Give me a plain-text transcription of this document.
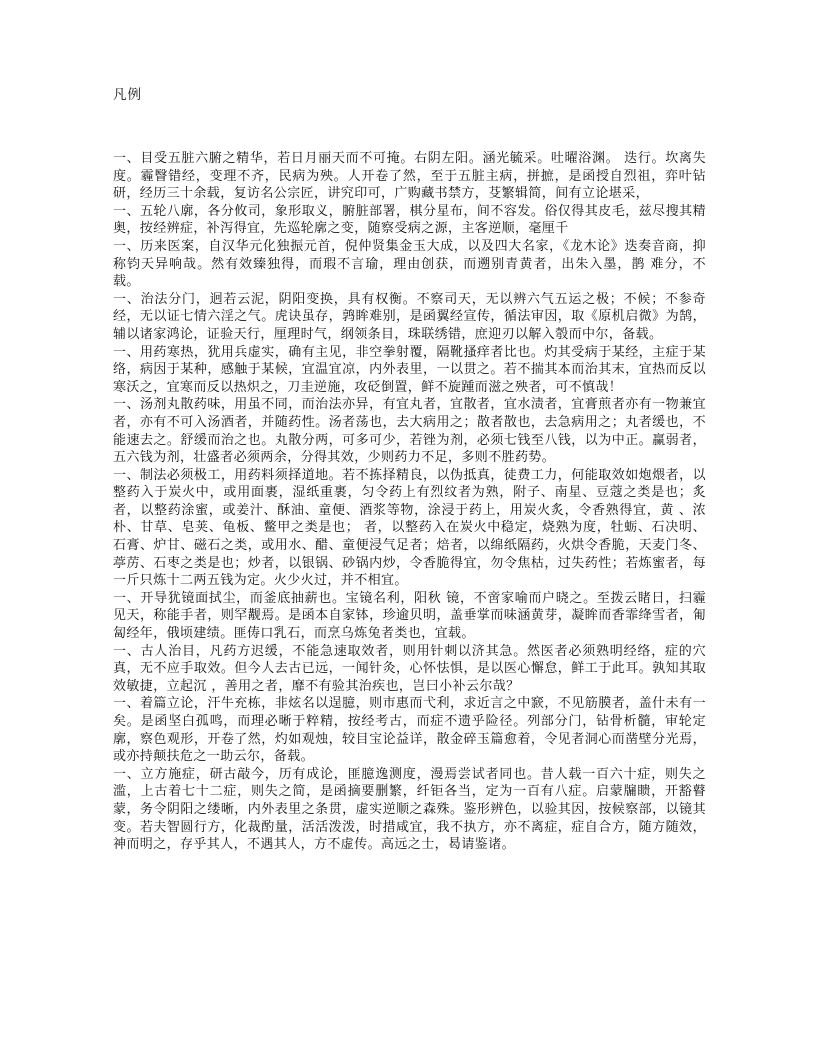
凡例

一、目受五脏六腑之精华，若日月丽天而不可掩。右阴左阳。涵光毓采。吐曜浴渊。 迭行。坎离失度。霾瞖错经，变理不齐，民病为殃。人开卷了然，至于五脏主病，拼摭，是函授自烈祖，弈叶钻研，经历三十余载，复访名公宗匠，讲究印可，广购藏书禁方，芟繁辑简，间有立论堪采，

一、五轮八廓，各分攸司，象形取义，腑脏部署，棋分星布，间不容发。俗仅得其皮毛，兹尽搜其精奥，按经辨症，补泻得宜，先巡轮廓之变，随察受病之源，主客逆顺，毫厘千

一、历来医案，自汉华元化独振元首，倪仲贤集金玉大成，以及四大名家，《龙木论》迭奏音商，抑称钧天异响哉。然有效臻独得，而瑕不言瑜，理由创获，而遡别青黄者，出朱入墨，鹊 难分，不载。

一、治法分门，迥若云泥，阴阳变换，具有权衡。不察司天，无以辨六气五运之极；不候；不参奇经，无以证七情六淫之气。虎诀虽存，鹑眸难别，是函翼经宣传，循法审因，取《原机启微》为鹄，辅以诸家鸿论，证验天行，厘理时气，纲领条目，珠联绣错，庶迎刃以解入彀而中尔，备载。

一、用药寒热，犹用兵虚实，确有主见，非空拳射覆，隔靴搔痒者比也。灼其受病于某经，主症于某络，病因于某种，感触于某候，宜温宜凉，内外表里，一以贯之。若不揣其本而治其末，宜热而反以寒沃之，宜寒而反以热炽之，刀圭逆施，攻砭倒置，鲜不旋踵而滋之殃者，可不慎哉！

一、汤剂丸散药味，用虽不同，而治法亦异，有宜丸者，宜散者，宜水渍者，宜膏煎者亦有一物兼宜者，亦有不可入汤酒者，并随药性。汤者荡也，去大病用之；散者散也，去急病用之；丸者缓也，不能速去之。舒缓而治之也。丸散分两，可多可少，若锉为剂，必须七钱至八钱，以为中正。赢弱者，五六钱为剂，壮盛者必须两余，分得其效，少则药力不足，多则不胜药势。

一、制法必须极工，用药料须择道地。若不拣择精良，以伪抵真，徒费工力，何能取效如炮煨者，以整药入于炭火中，或用面裹，湿纸重裹，匀令药上有烈纹者为熟，附子、南星、豆蔻之类是也；炙者，以整药涂蜜，或姜汁、酥油、童便、酒浆等物，涂浸于药上，用炭火炙，令香熟得宜，黄 、浓朴、甘草、皂荚、龟板、鳖甲之类是也； 者，以整药入在炭火中稳定，烧熟为度，牡蛎、石决明、石膏、炉甘、磁石之类，或用水、醋、童便浸气足者；焙者，以绵纸隔药，火烘令香脆，天麦门冬、葶苈、石枣之类是也；炒者，以银锅、砂锅内炒，令香脆得宜，勿令焦枯，过失药性；若炼蜜者，每一斤只炼十二两五钱为定。火少火过，并不相宜。

一、开导犹镜面拭尘，而釜底抽薪也。宝镜名利，阳秋 镜，不啻家喻而户晓之。至拨云睹日，扫霾见天，称能手者，则罕觏焉。是函本自家钵，珍逾贝明，盖垂掌而味涵黄芽，凝眸而香霏绛雪者，匍匐经年，俄顷建绩。匪俦口乳石，而烹乌炼兔者类也，宜载。

一、古人治目，凡药方迟缓，不能急速取效者，则用针刺以济其急。然医者必须熟明经络，症的穴真，无不应手取效。但今人去古已远，一闻针灸，心怀怯惧，是以医心懈怠，鲜工于此耳。孰知其取效敏捷，立起沉 ，善用之者，靡不有验其治疾也，岂曰小补云尔哉？

一、着篇立论，汗牛充栋，非炫名以逞臆，则市惠而弋利，求近言之中窾，不见筋膜者，盖什未有一矣。是函坚白孤鸣，而理必晰于粹精，按经考古，而症不遗乎险径。列部分门，钻骨析髓，审轮定廓，察色观形，开卷了然，灼如观烛，较目宝论益详，散金碎玉篇愈着，令见者洞心而凿壁分光焉，或亦持颠扶危之一助云尔，备载。

一、立方施症，研古敲今，历有成论，匪臆逸测度，漫焉尝试者同也。昔人载一百六十症，则失之滥，上古着七十二症，则失之简，是函摘要删繁，纤钜各当，定为一百有八症。启蒙牖瞆，开豁瞽蒙，务令阴阳之缕晰，内外表里之条贯，虚实逆顺之森殊。鉴形辨色，以验其因，按候察部，以镜其变。若夫智圆行方，化裁酌量，活活泼泼，时措咸宜，我不执方，亦不离症，症自合方，随方随效，神而明之，存乎其人，不遇其人，方不虚传。高远之士，曷请鉴诸。
